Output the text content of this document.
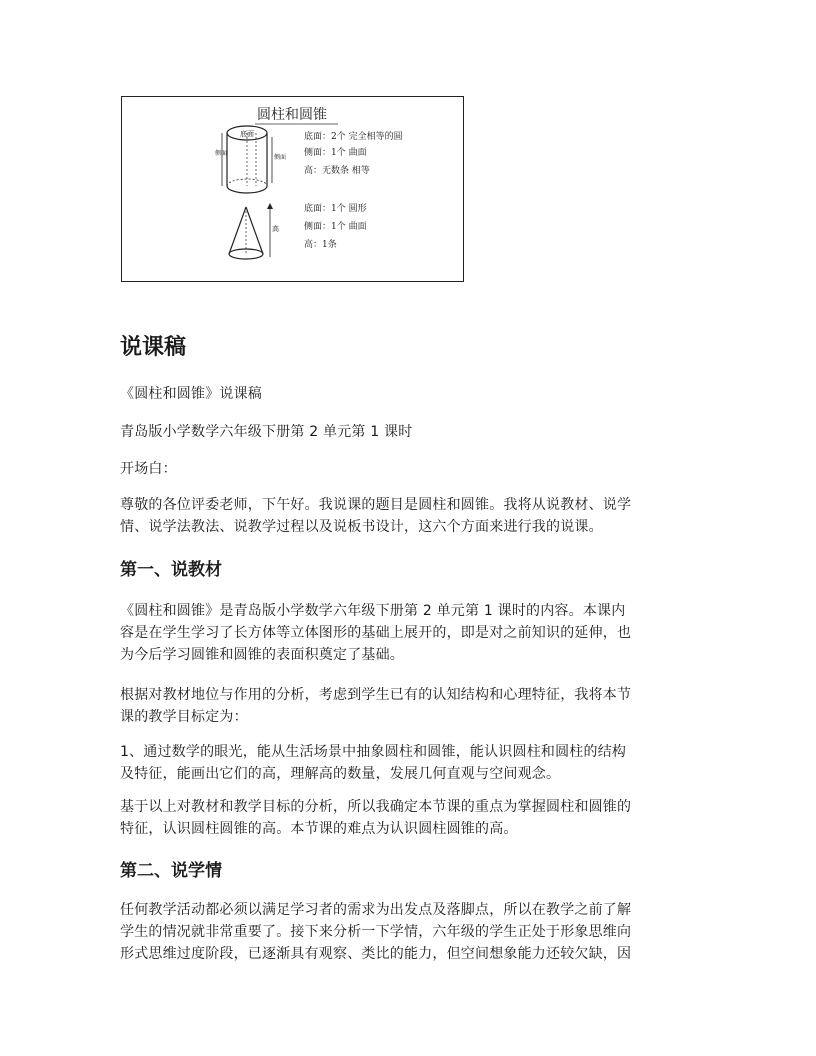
圆柱和圆锥
底面
侧面
侧面
底面：2个 完全相等的圆
侧面：1个 曲面
高：无数条 相等
高
底面：1个 圆形
侧面：1个 曲面
高：1条
说课稿

《圆柱和圆锥》说课稿

青岛版小学数学六年级下册第 2 单元第 1 课时

开场白：

尊敬的各位评委老师，下午好。我说课的题目是圆柱和圆锥。我将从说教材、说学
情、说学法教法、说教学过程以及说板书设计，这六个方面来进行我的说课。
第一、说教材
《圆柱和圆锥》是青岛版小学数学六年级下册第 2 单元第 1 课时的内容。本课内
容是在学生学习了长方体等立体图形的基础上展开的，即是对之前知识的延伸，也
为今后学习圆锥和圆锥的表面积奠定了基础。
根据对教材地位与作用的分析，考虑到学生已有的认知结构和心理特征，我将本节
课的教学目标定为：
1、通过数学的眼光，能从生活场景中抽象圆柱和圆锥，能认识圆柱和圆柱的结构
及特征，能画出它们的高，理解高的数量，发展几何直观与空间观念。
基于以上对教材和教学目标的分析，所以我确定本节课的重点为掌握圆柱和圆锥的
特征，认识圆柱圆锥的高。本节课的难点为认识圆柱圆锥的高。
第二、说学情
任何教学活动都必须以满足学习者的需求为出发点及落脚点，所以在教学之前了解
学生的情况就非常重要了。接下来分析一下学情，六年级的学生正处于形象思维向
形式思维过度阶段，已逐渐具有观察、类比的能力，但空间想象能力还较欠缺，因
